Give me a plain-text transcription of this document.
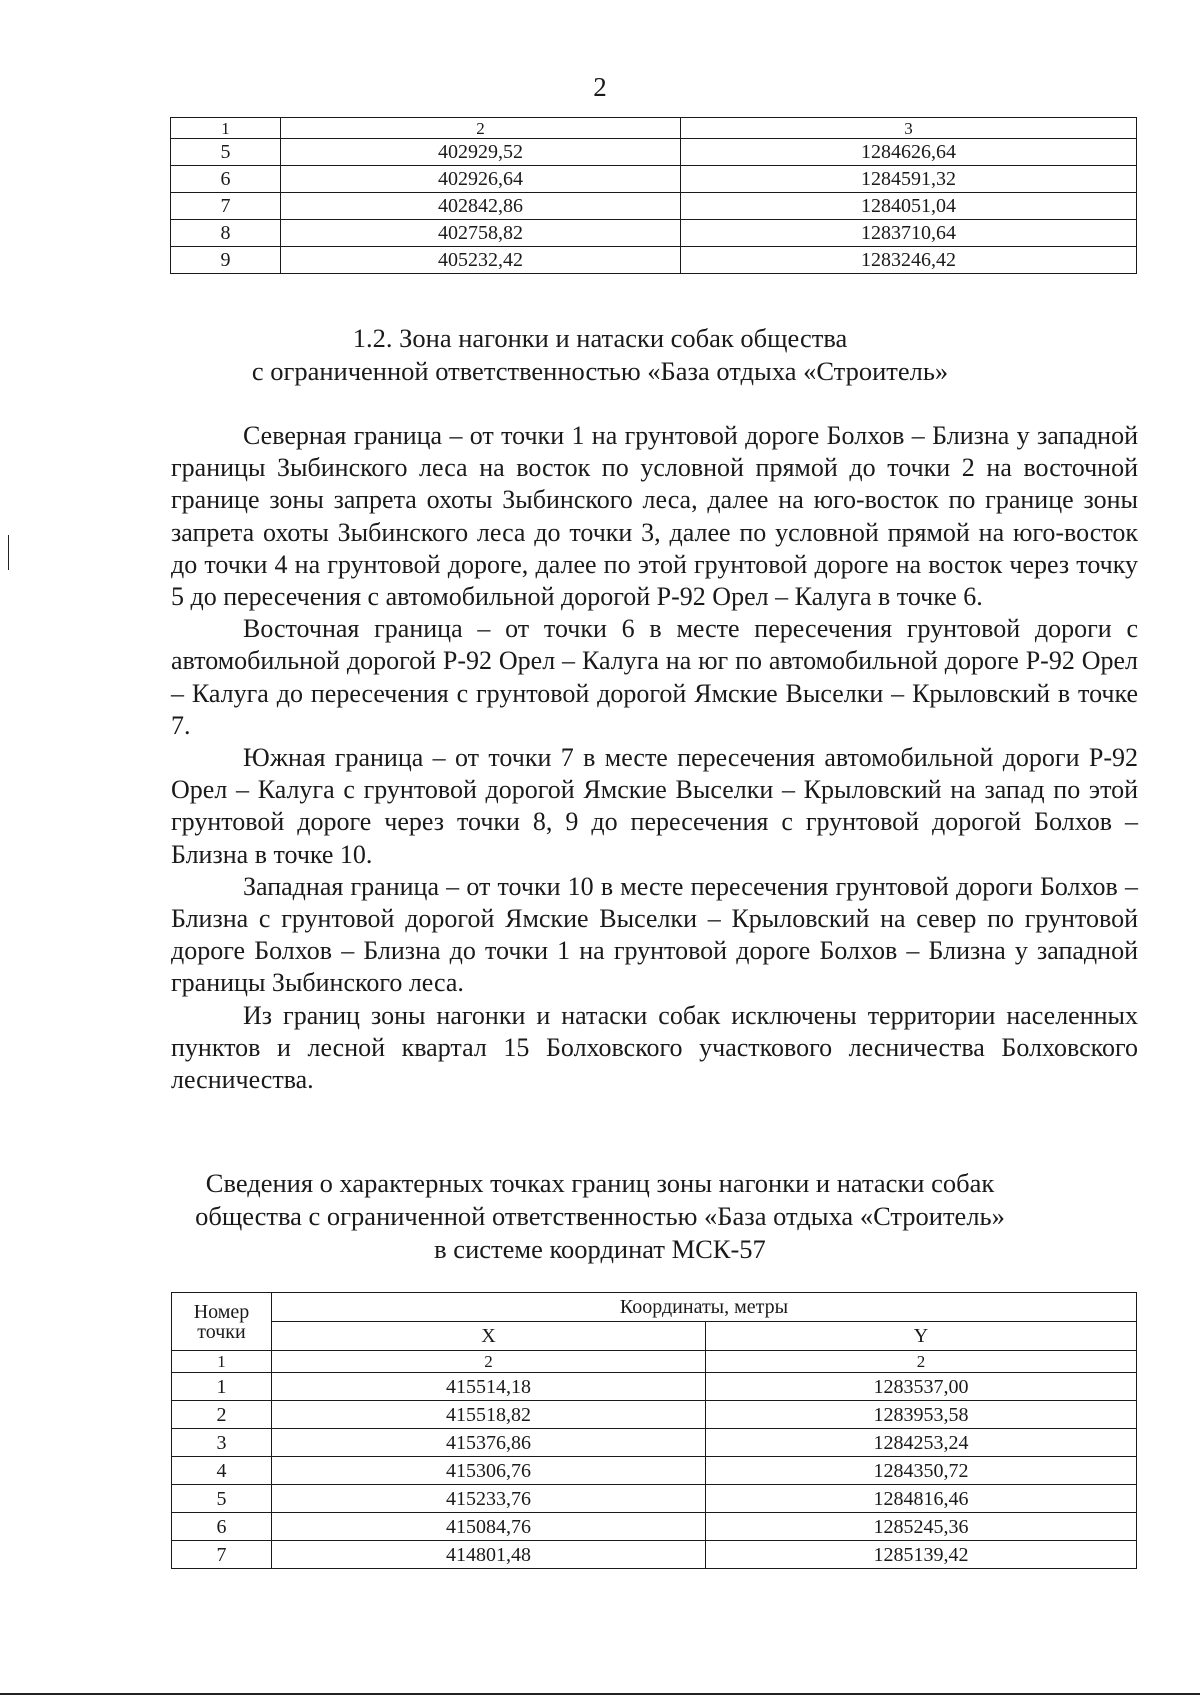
2
1	2	3
5	402929,52	1284626,64
6	402926,64	1284591,32
7	402842,86	1284051,04
8	402758,82	1283710,64
9	405232,42	1283246,42
1.2. Зона нагонки и натаски собак общества
с ограниченной ответственностью «База отдыха «Строитель»

Северная граница – от точки 1 на грунтовой дороге Болхов – Близна у западной границы Зыбинского леса на восток по условной прямой до точки 2 на восточной границе зоны запрета охоты Зыбинского леса, далее на юго-восток по границе зоны запрета охоты Зыбинского леса до точки 3, далее по условной прямой на юго-восток до точки 4 на грунтовой дороге, далее по этой грунтовой дороге на восток через точку 5 до пересечения с автомобильной дорогой Р-92 Орел – Калуга в точке 6.

Восточная граница – от точки 6 в месте пересечения грунтовой дороги с автомобильной дорогой Р-92 Орел – Калуга на юг по автомобильной дороге Р-92 Орел – Калуга до пересечения с грунтовой дорогой Ямские Выселки – Крыловский в точке 7.

Южная граница – от точки 7 в месте пересечения автомобильной дороги Р-92 Орел – Калуга с грунтовой дорогой Ямские Выселки – Крыловский на запад по этой грунтовой дороге через точки 8, 9 до пересечения с грунтовой дорогой Болхов – Близна в точке 10.

Западная граница – от точки 10 в месте пересечения грунтовой дороги Болхов – Близна с грунтовой дорогой Ямские Выселки – Крыловский на север по грунтовой дороге Болхов – Близна до точки 1 на грунтовой дороге Болхов – Близна у западной границы Зыбинского леса.

Из границ зоны нагонки и натаски собак исключены территории населенных пунктов и лесной квартал 15 Болховского участкового лесничества Болховского лесничества.

Сведения о характерных точках границ зоны нагонки и натаски собак
общества с ограниченной ответственностью «База отдыха «Строитель»
в системе координат МСК-57
Номер
точки	Координаты, метры	
	X	Y
1	2	2
1	415514,18	1283537,00
2	415518,82	1283953,58
3	415376,86	1284253,24
4	415306,76	1284350,72
5	415233,76	1284816,46
6	415084,76	1285245,36
7	414801,48	1285139,42
